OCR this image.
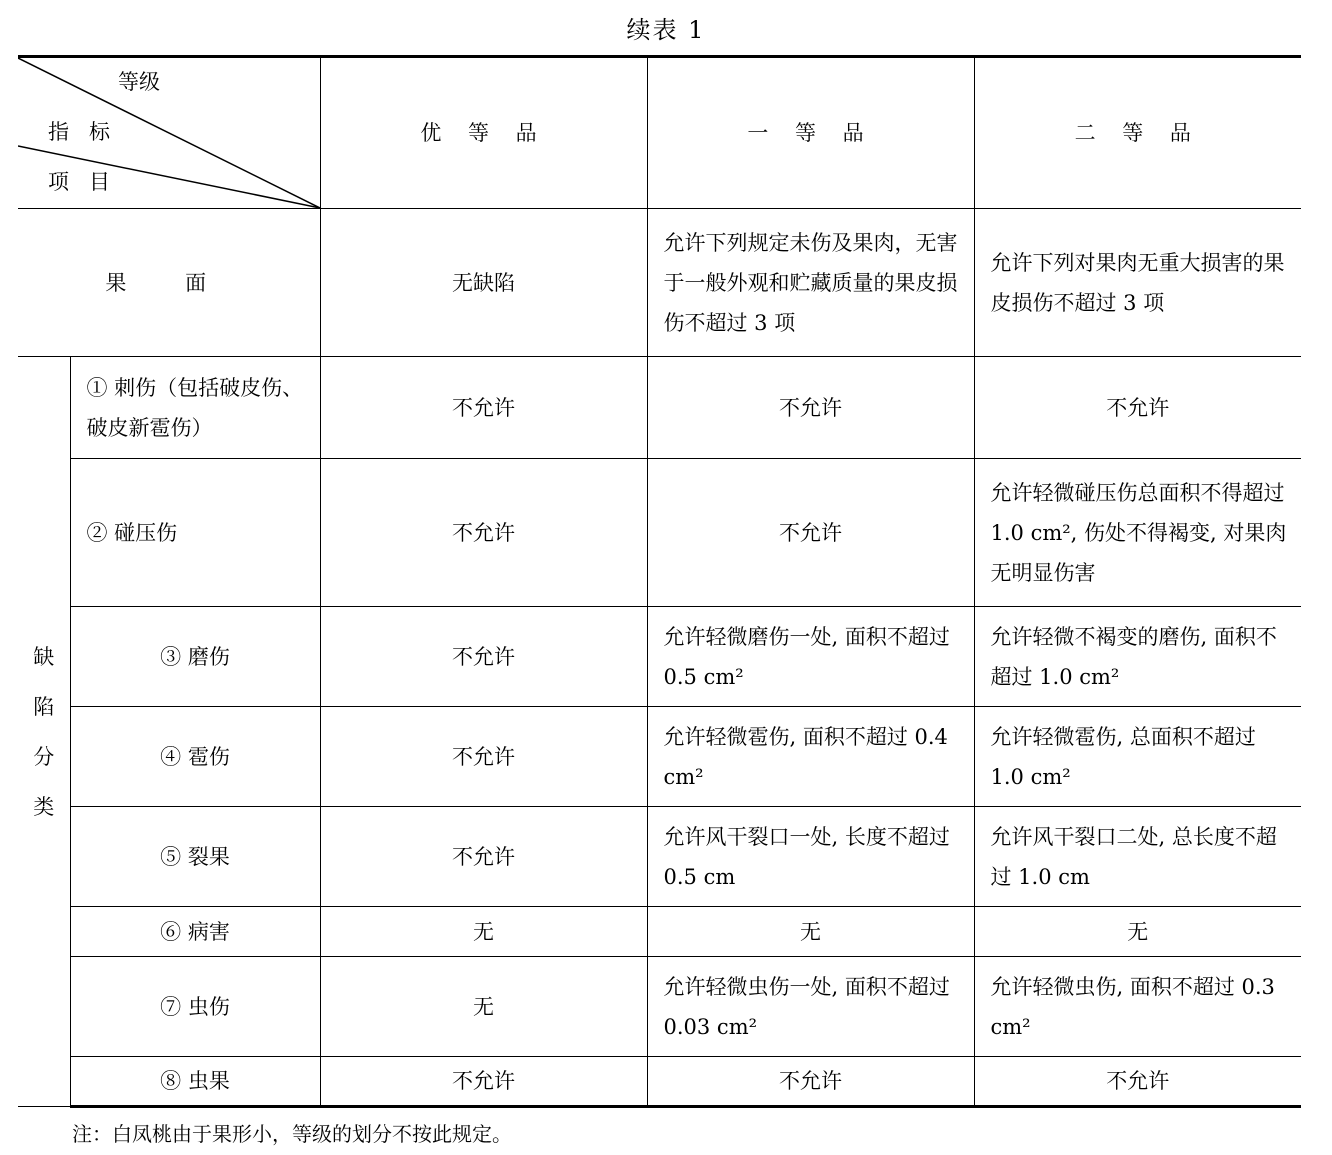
续表 1
等级
指标
项目		优 等 品	一 等 品	二 等 品
果 面		无缺陷	允许下列规定未伤及果肉，无害于一般外观和贮藏质量的果皮损伤不超过 3 项	允许下列对果肉无重大损害的果皮损伤不超过 3 项

缺
陷
分
类	① 刺伤（包括破皮伤、破皮新雹伤）	不允许	不允许	不允许
	② 碰压伤	不允许	不允许	允许轻微碰压伤总面积不得超过 1.0 cm², 伤处不得褐变, 对果肉无明显伤害
	③ 磨伤	不允许	允许轻微磨伤一处, 面积不超过 0.5 cm²	允许轻微不褐变的磨伤, 面积不超过 1.0 cm²
	④ 雹伤	不允许	允许轻微雹伤, 面积不超过 0.4 cm²	允许轻微雹伤, 总面积不超过 1.0 cm²
	⑤ 裂果	不允许	允许风干裂口一处, 长度不超过 0.5 cm	允许风干裂口二处, 总长度不超过 1.0 cm
	⑥ 病害	无	无	无
	⑦ 虫伤	无	允许轻微虫伤一处, 面积不超过 0.03 cm²	允许轻微虫伤, 面积不超过 0.3 cm²
	⑧ 虫果	不允许	不允许	不允许
注：白凤桃由于果形小，等级的划分不按此规定。
